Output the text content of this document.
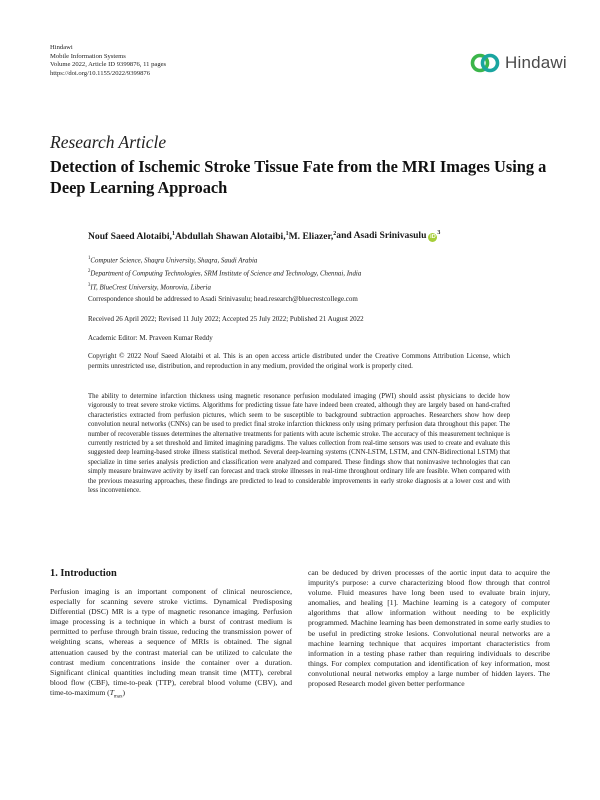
Hindawi
Mobile Information Systems
Volume 2022, Article ID 9399876, 11 pages
https://doi.org/10.1155/2022/9399876
Hindawi
Research Article
Detection of Ischemic Stroke Tissue Fate from the MRI Images Using a Deep Learning Approach
Nouf Saeed Alotaibi,$^1$ Abdullah Shawan Alotaibi,$^1$ M. Eliazer,$^2$ and Asadi Srinivasulu $iD^3$
$^1$Computer Science, Shaqra University, Shaqra, Saudi Arabia
$^2$Department of Computing Technologies, SRM Institute of Science and Technology, Chennai, India
$^3$IT, BlueCrest University, Monrovia, Liberia
Correspondence should be addressed to Asadi Srinivasulu; head.research@bluecrestcollege.com
Received 26 April 2022; Revised 11 July 2022; Accepted 25 July 2022; Published 21 August 2022
Academic Editor: M. Praveen Kumar Reddy
Copyright © 2022 Nouf Saeed Alotaibi et al. This is an open access article distributed under the Creative Commons Attribution License, which permits unrestricted use, distribution, and reproduction in any medium, provided the original work is properly cited.
The ability to determine infarction thickness using magnetic resonance perfusion modulated imaging (PWI) should assist physicians to decide how vigorously to treat severe stroke victims. Algorithms for predicting tissue fate have indeed been created, although they are largely based on hand-crafted characteristics extracted from perfusion pictures, which seem to be susceptible to background subtraction approaches. Researchers show how deep convolution neural networks (CNNs) can be used to predict final stroke infarction thickness only using primary perfusion data throughout this paper. The number of recoverable tissues determines the alternative treatments for patients with acute ischemic stroke. The accuracy of this measurement technique is currently restricted by a set threshold and limited imagining paradigms. The values collection from real-time sensors was used to create and evaluate this suggested deep learning-based stroke illness statistical method. Several deep-learning systems (CNN-LSTM, LSTM, and CNN-Bidirectional LSTM) that specialize in time series analysis prediction and classification were analyzed and compared. These findings show that noninvasive technologies that can simply measure brainwave activity by itself can forecast and track stroke illnesses in real-time throughout ordinary life are feasible. When compared with the previous measuring approaches, these findings are predicted to lead to considerable improvements in early stroke diagnosis at a lower cost and with less inconvenience.
1. Introduction

Perfusion imaging is an important component of clinical neuroscience, especially for scanning severe stroke victims. Dynamical Predisposing Differential (DSC) MR is a type of magnetic resonance imaging. Perfusion image processing is a technique in which a burst of contrast medium is permitted to perfuse through brain tissue, reducing the transmission power of weighting scans, whereas a sequence of MRIs is obtained. The signal attenuation caused by the contrast material can be utilized to calculate the contrast medium concentrations inside the container over a duration. Significant clinical quantities including mean transit time (MTT), cerebral blood flow (CBF), time-to-peak (TTP), cerebral blood volume (CBV), and time-to-maximum $(T_{max})$

can be deduced by driven processes of the aortic input data to acquire the impurity's purpose: a curve characterizing blood flow through that control volume. Fluid measures have long been used to evaluate brain injury, anomalies, and healing [1]. Machine learning is a category of computer algorithms that allow information without needing to be explicitly programmed. Machine learning has been demonstrated in some early studies to be useful in predicting stroke lesions. Convolutional neural networks are a machine learning technique that acquires important characteristics from information in a testing phase rather than requiring individuals to describe things. For complex computation and identification of key information, most convolutional neural networks employ a large number of hidden layers. The proposed Research model given better performance
